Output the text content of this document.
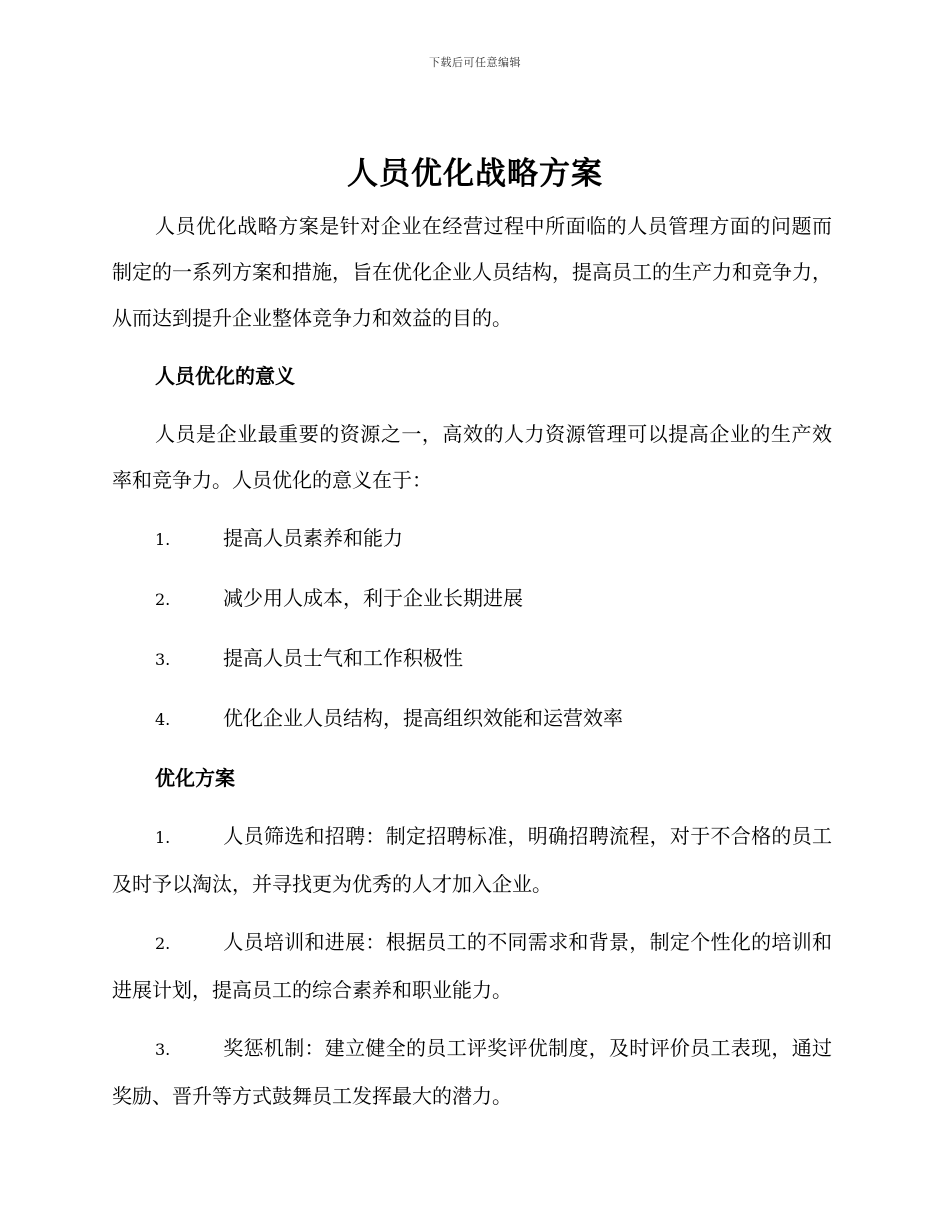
下载后可任意编辑
人员优化战略方案

人员优化战略方案是针对企业在经营过程中所面临的人员管理方面的问题而制定的一系列方案和措施，旨在优化企业人员结构，提高员工的生产力和竞争力，从而达到提升企业整体竞争力和效益的目的。

人员优化的意义

人员是企业最重要的资源之一，高效的人力资源管理可以提高企业的生产效率和竞争力。人员优化的意义在于：

1.	提高人员素养和能力
2.	减少用人成本，利于企业长期进展
3.	提高人员士气和工作积极性
4.	优化企业人员结构，提高组织效能和运营效率
优化方案
1.	人员筛选和招聘：制定招聘标准，明确招聘流程，对于不合格的员工及时予以淘汰，并寻找更为优秀的人才加入企业。
2.	人员培训和进展：根据员工的不同需求和背景，制定个性化的培训和进展计划，提高员工的综合素养和职业能力。
3.	奖惩机制：建立健全的员工评奖评优制度，及时评价员工表现，通过奖励、晋升等方式鼓舞员工发挥最大的潜力。
